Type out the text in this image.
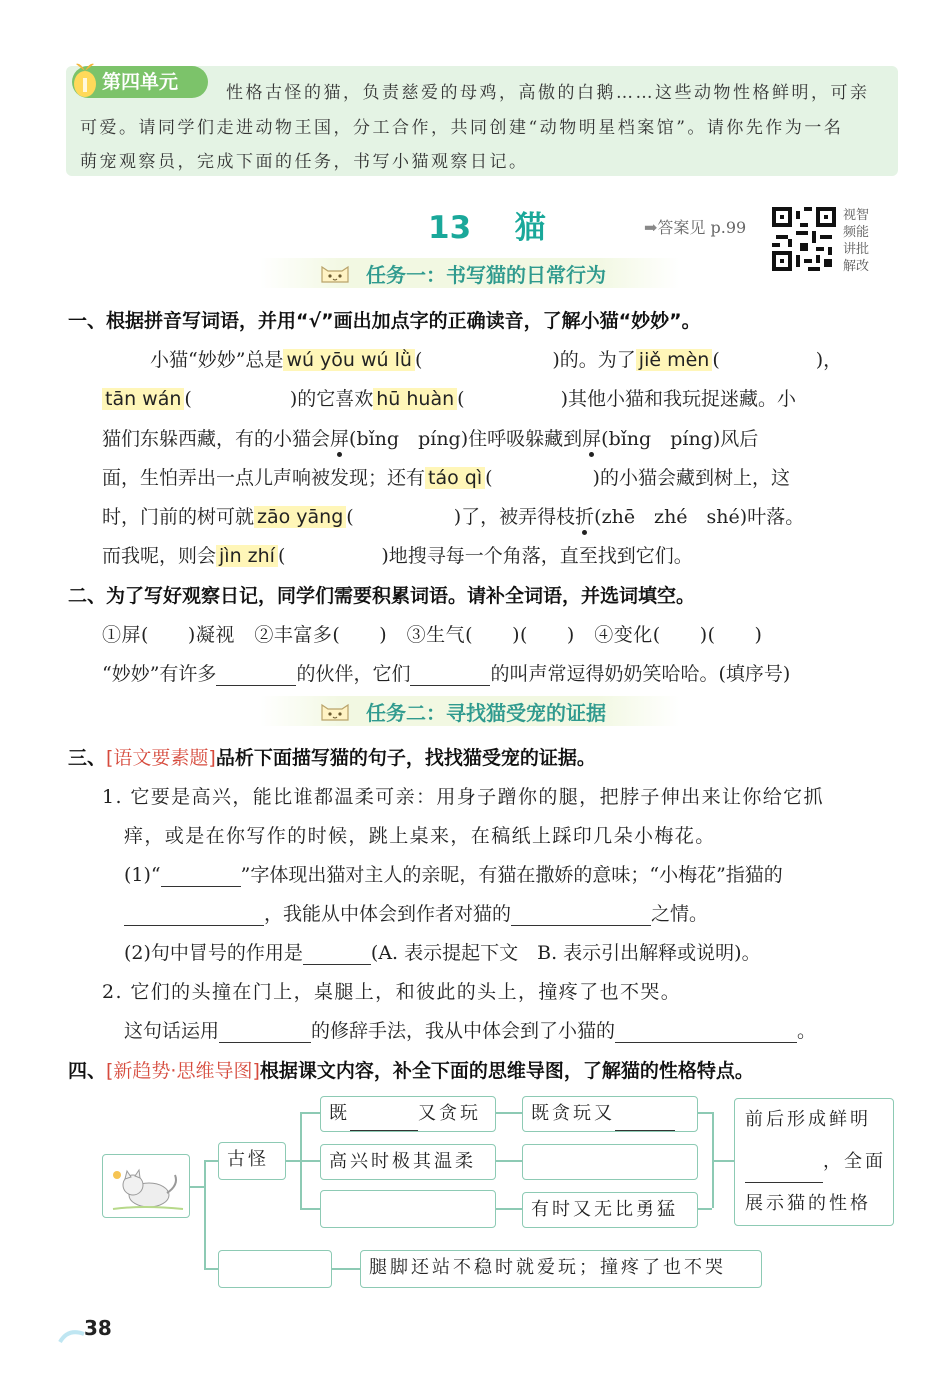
第四单元	性格古怪的猫，负责慈爱的母鸡，高傲的白鹅……这些动物性格鲜明，可亲
可爱。请同学们走进动物王国，分工合作，共同创建“动物明星档案馆”。请你先作为一名
萌宠观察员，完成下面的任务，书写小猫观察日记。
13 猫	➡答案见 p.99
视智
频能
讲批
解改
任务一：书写猫的日常行为
一、根据拼音写词语，并用“√”画出加点字的正确读音，了解小猫“妙妙”。
小猫“妙妙”总是 wú yōu wú lǜ (	)的。为了 jiě mèn (	)，
tān wán (	)的它喜欢 hū huàn (	)其他小猫和我玩捉迷藏。小
猫们东躲西藏，有的小猫会屏(bǐng　píng)住呼吸躲藏到屏(bǐng　píng)风后
面，生怕弄出一点儿声响被发现；还有 táo qì (	)的小猫会藏到树上，这
时，门前的树可就 zāo yāng (	)了，被弄得枝折(zhē　zhé　shé)叶落。
而我呢，则会 jìn zhí (	)地搜寻每一个角落，直至找到它们。
二、为了写好观察日记，同学们需要积累词语。请补全词语，并选词填空。
①屏(　　)凝视　②丰富多(　　)　③生气(　　)(　　)　④变化(　　)(　　)
“妙妙”有许多	的伙伴，它们	的叫声常逗得奶奶笑哈哈。(填序号)
任务二：寻找猫受宠的证据
三、[语文要素题]品析下面描写猫的句子，找找猫受宠的证据。
1. 它要是高兴，能比谁都温柔可亲：用身子蹭你的腿，把脖子伸出来让你给它抓
痒，或是在你写作的时候，跳上桌来，在稿纸上踩印几朵小梅花。
(1)“	”字体现出猫对主人的亲昵，有猫在撒娇的意味；“小梅花”指猫的
，我能从中体会到作者对猫的	之情。
(2)句中冒号的作用是	(A. 表示提起下文　B. 表示引出解释或说明)。
2. 它们的头撞在门上，桌腿上，和彼此的头上，撞疼了也不哭。
这句话运用	的修辞手法，我从中体会到了小猫的	。
四、[新趋势·思维导图]根据课文内容，补全下面的思维导图，了解猫的性格特点。
古怪
既	又贪玩
高兴时极其温柔
既贪玩又
有时又无比勇猛
前后形成鲜明
，全面
展示猫的性格
腿脚还站不稳时就爱玩；撞疼了也不哭
38
